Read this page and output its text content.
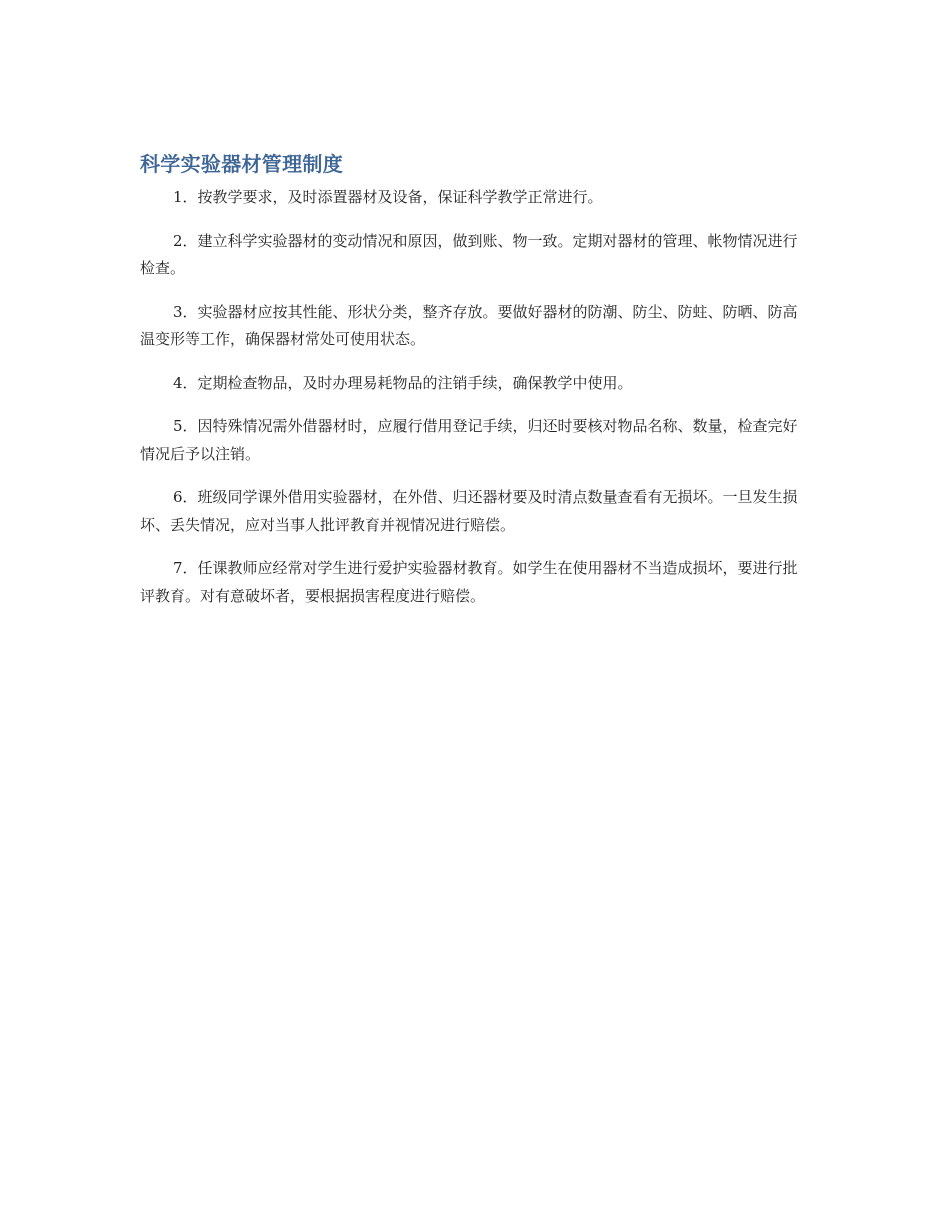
科学实验器材管理制度

1．按教学要求，及时添置器材及设备，保证科学教学正常进行。

2．建立科学实验器材的变动情况和原因，做到账、物一致。定期对器材的管理、帐物情况进行检查。

3．实验器材应按其性能、形状分类，整齐存放。要做好器材的防潮、防尘、防蛀、防晒、防高温变形等工作，确保器材常处可使用状态。

4．定期检查物品，及时办理易耗物品的注销手续，确保教学中使用。

5．因特殊情况需外借器材时，应履行借用登记手续，归还时要核对物品名称、数量，检查完好情况后予以注销。

6．班级同学课外借用实验器材，在外借、归还器材要及时清点数量查看有无损坏。一旦发生损坏、丢失情况，应对当事人批评教育并视情况进行赔偿。

7．任课教师应经常对学生进行爱护实验器材教育。如学生在使用器材不当造成损坏，要进行批评教育。对有意破坏者，要根据损害程度进行赔偿。
